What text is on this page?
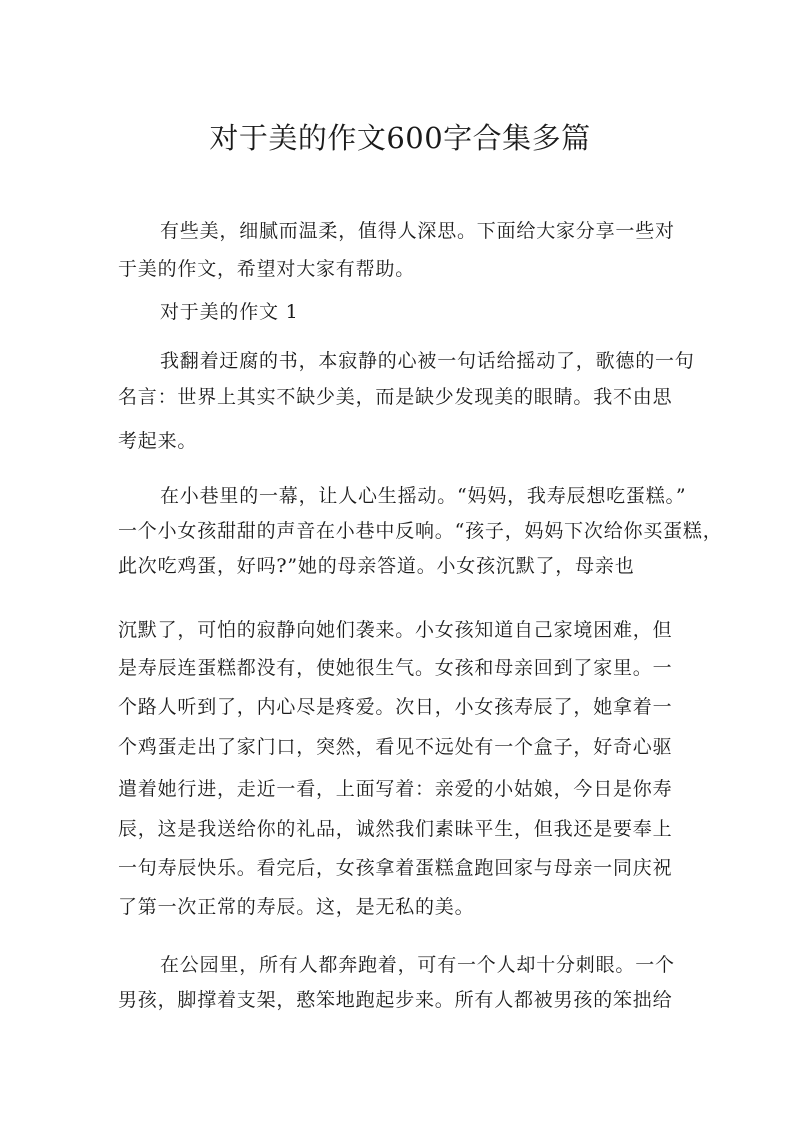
对于美的作文600字合集多篇
有些美，细腻而温柔，值得人深思。下面给大家分享一些对
于美的作文，希望对大家有帮助。
对于美的作文 1
我翻着迂腐的书，本寂静的心被一句话给摇动了，歌德的一句
名言：世界上其实不缺少美，而是缺少发现美的眼睛。我不由思
考起来。
在小巷里的一幕，让人心生摇动。“妈妈，我寿辰想吃蛋糕。”
一个小女孩甜甜的声音在小巷中反响。“孩子，妈妈下次给你买蛋糕，
此次吃鸡蛋，好吗?”她的母亲答道。小女孩沉默了，母亲也
沉默了，可怕的寂静向她们袭来。小女孩知道自己家境困难，但
是寿辰连蛋糕都没有，使她很生气。女孩和母亲回到了家里。一
个路人听到了，内心尽是疼爱。次日，小女孩寿辰了，她拿着一
个鸡蛋走出了家门口，突然，看见不远处有一个盒子，好奇心驱
遣着她行进，走近一看，上面写着：亲爱的小姑娘，今日是你寿
辰，这是我送给你的礼品，诚然我们素昧平生，但我还是要奉上
一句寿辰快乐。看完后，女孩拿着蛋糕盒跑回家与母亲一同庆祝
了第一次正常的寿辰。这，是无私的美。
在公园里，所有人都奔跑着，可有一个人却十分刺眼。一个
男孩，脚撑着支架，憨笨地跑起步来。所有人都被男孩的笨拙给
